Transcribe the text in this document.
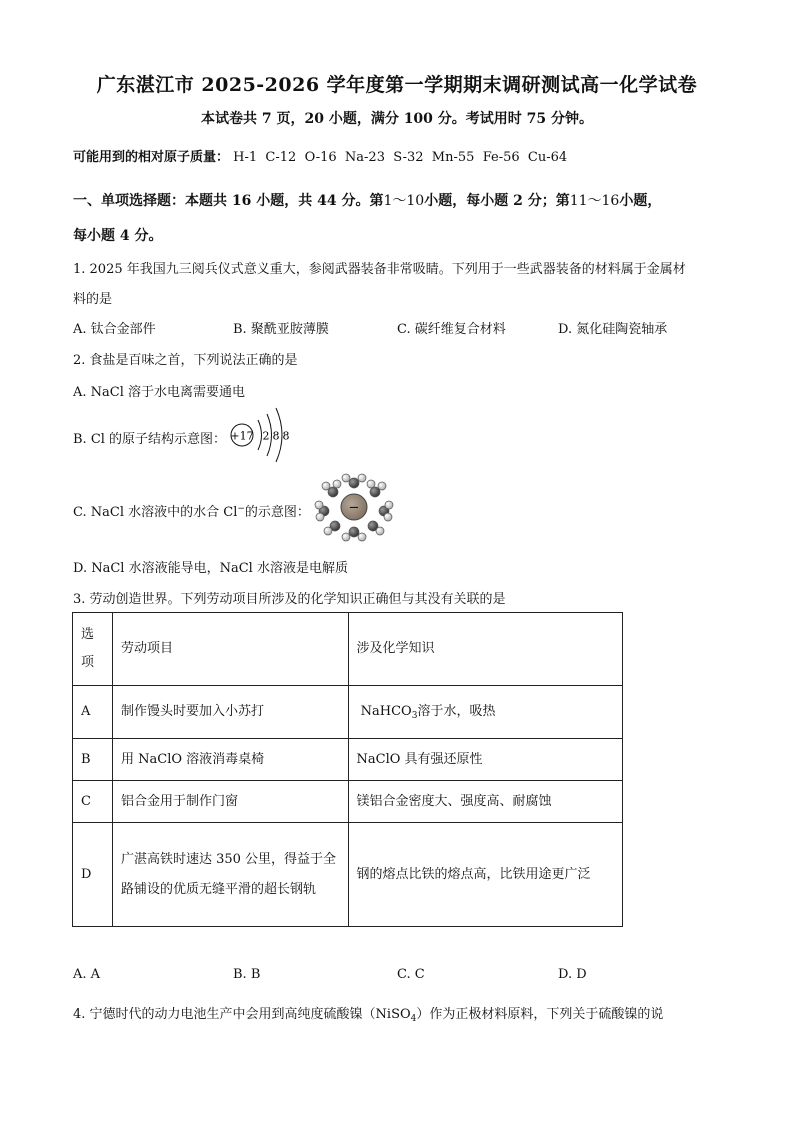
广东湛江市 2025-2026 学年度第一学期期末调研测试高一化学试卷
本试卷共 7 页，20 小题，满分 100 分。考试用时 75 分钟。
可能用到的相对原子质量： H-1  C-12  O-16  Na-23  S-32  Mn-55  Fe-56  Cu-64
一、单项选择题：本题共 16 小题，共 44 分。第1～10小题，每小题 2 分；第11～16小题，
每小题 4 分。
1. 2025 年我国九三阅兵仪式意义重大，参阅武器装备非常吸睛。下列用于一些武器装备的材料属于金属材
料的是
A. 钛合金部件	B. 聚酰亚胺薄膜	C. 碳纤维复合材料	D. 氮化硅陶瓷轴承
2. 食盐是百味之首，下列说法正确的是
A. NaCl 溶于水电离需要通电
B. Cl 的原子结构示意图： +17 2 8 8
C. NaCl 水溶液中的水合 Cl−的示意图：	−
D. NaCl 水溶液能导电，NaCl 水溶液是电解质
3. 劳动创造世界。下列劳动项目所涉及的化学知识正确但与其没有关联的是
选项	劳动项目	涉及化学知识
A	制作馒头时要加入小苏打	NaHCO$_3$溶于水，吸热
B	用 NaClO 溶液消毒桌椅	NaClO 具有强还原性
C	铝合金用于制作门窗	镁铝合金密度大、强度高、耐腐蚀
D	广湛高铁时速达 350 公里，得益于全路铺设的优质无缝平滑的超长钢轨	钢的熔点比铁的熔点高，比铁用途更广泛
A. A	B. B	C. C	D. D
4. 宁德时代的动力电池生产中会用到高纯度硫酸镍（NiSO$_4$）作为正极材料原料，下列关于硫酸镍的说
